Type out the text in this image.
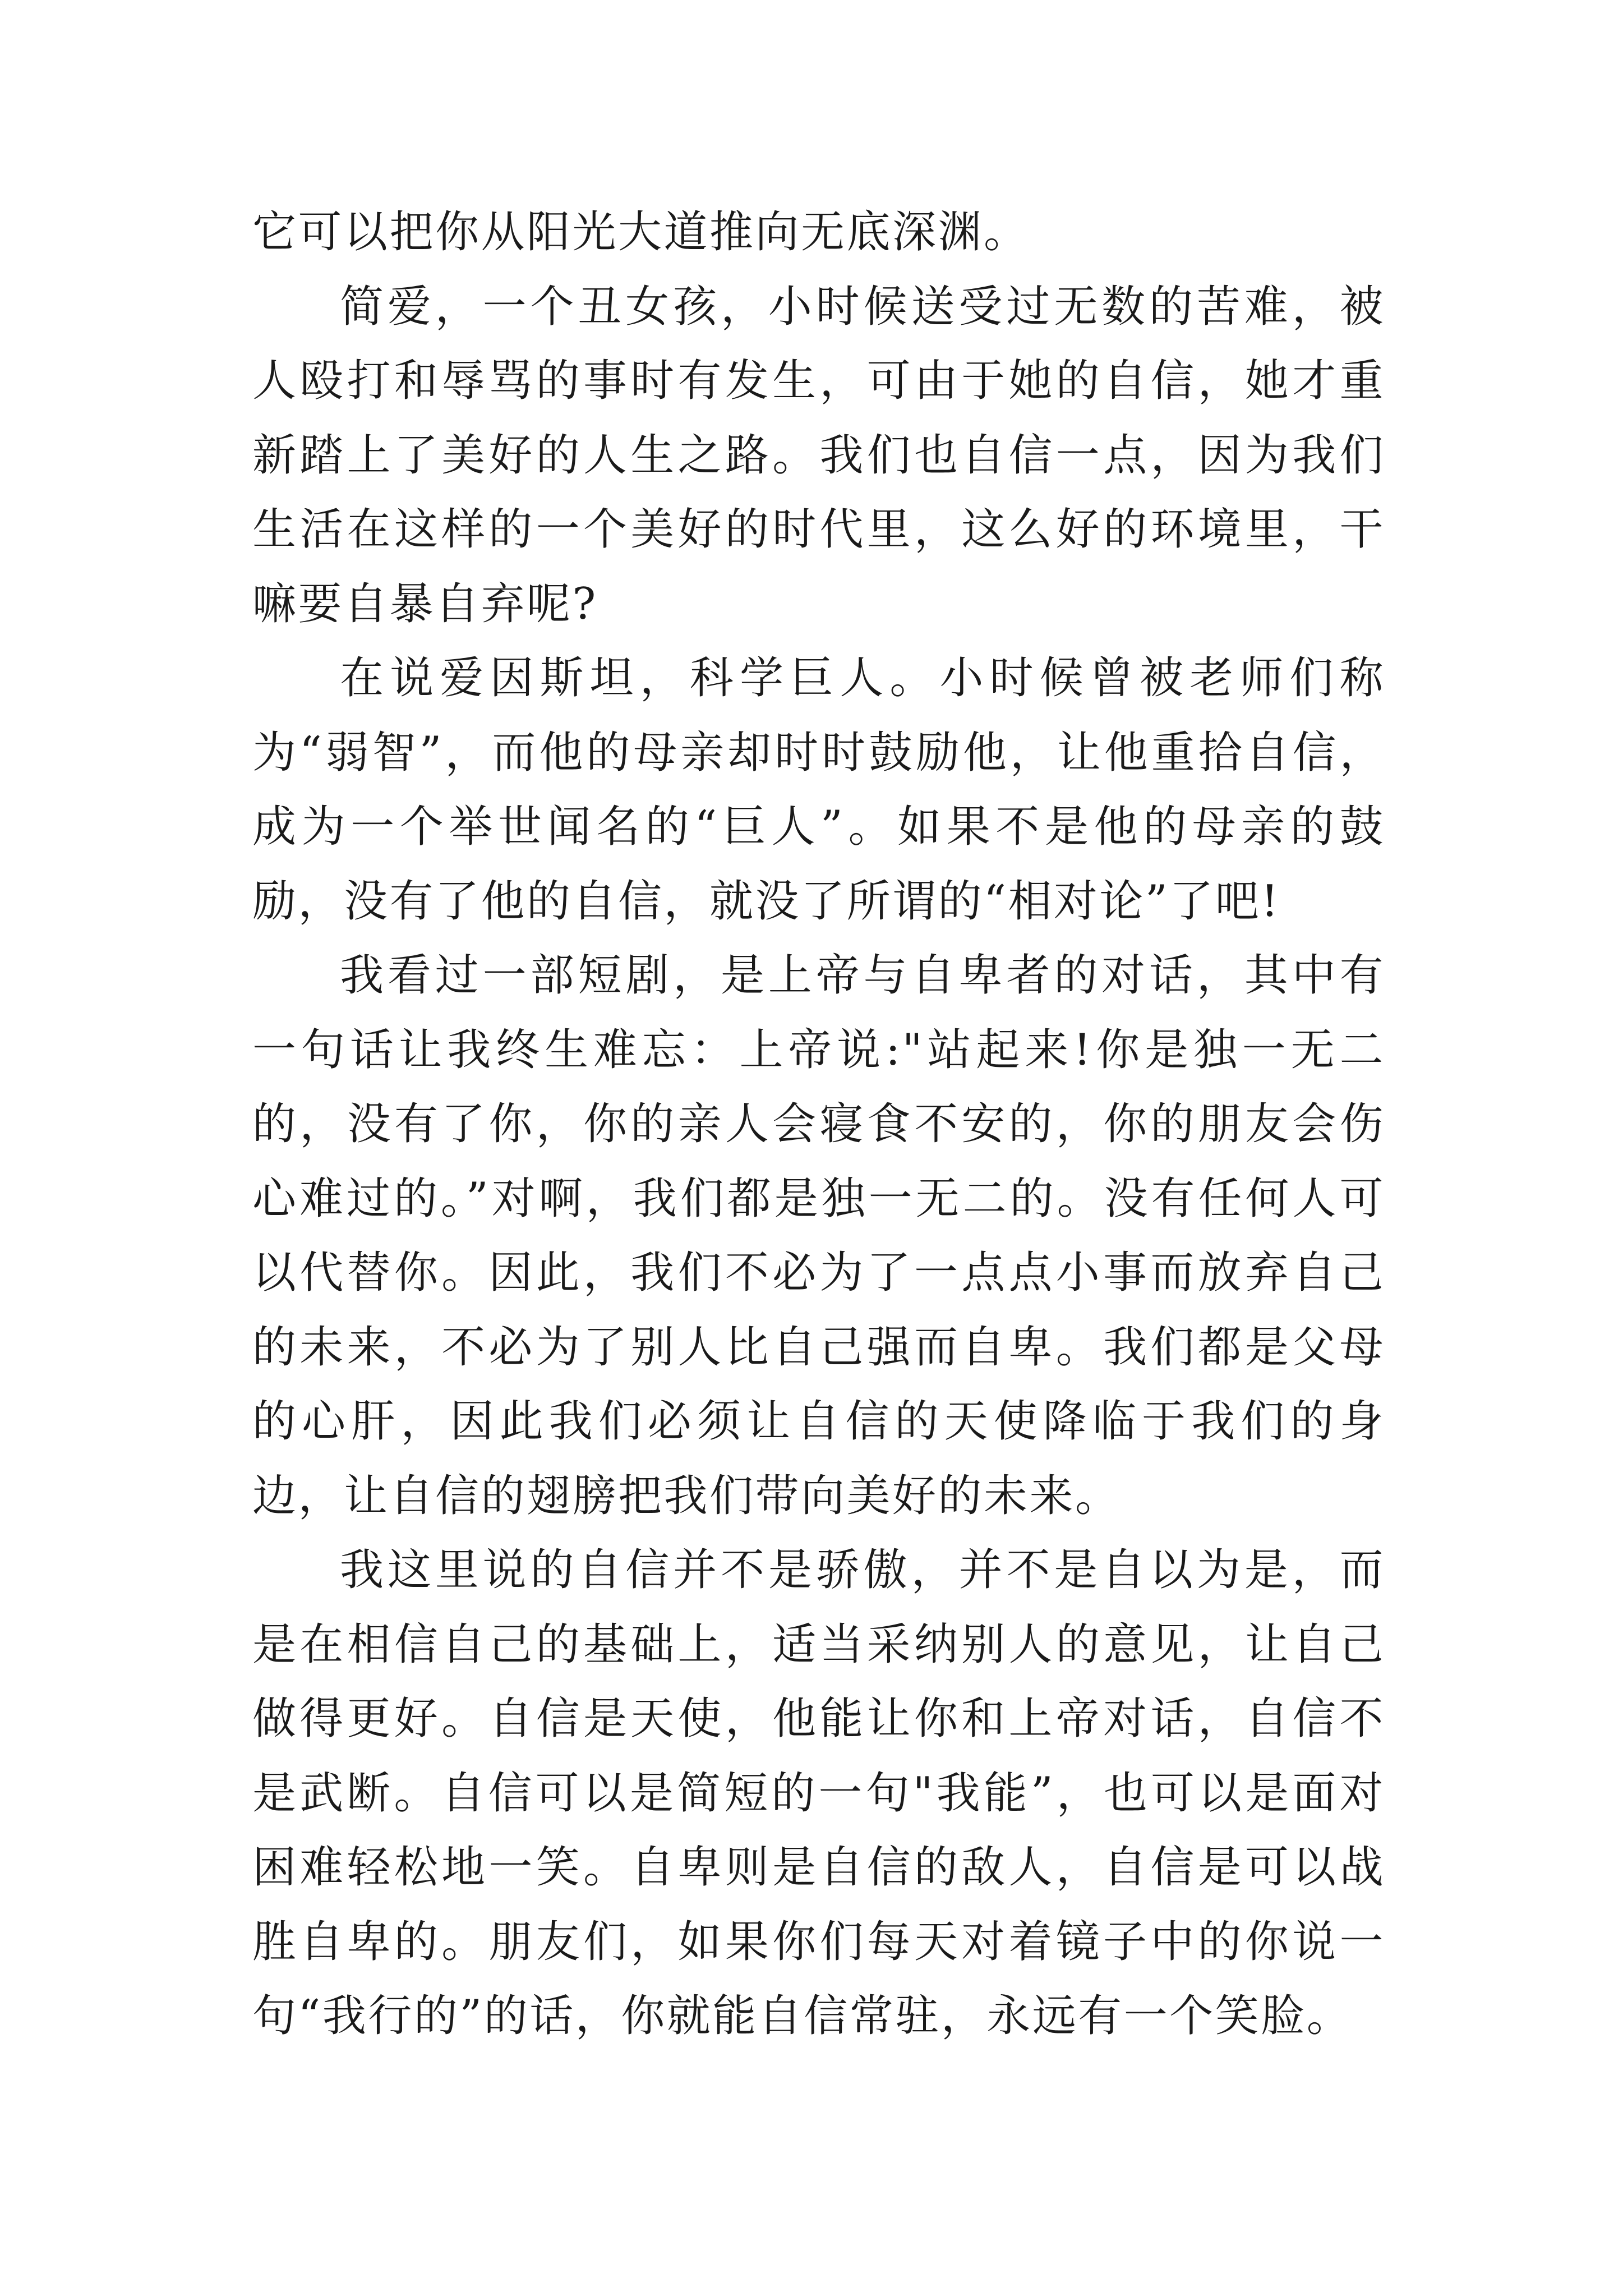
它可以把你从阳光大道推向无底深渊。

简爱，一个丑女孩，小时候送受过无数的苦难，被人殴打和辱骂的事时有发生，可由于她的自信，她才重新踏上了美好的人生之路。我们也自信一点，因为我们生活在这样的一个美好的时代里，这么好的环境里，干嘛要自暴自弃呢?

在说爱因斯坦，科学巨人。小时候曾被老师们称为“弱智”，而他的母亲却时时鼓励他，让他重拾自信，成为一个举世闻名的“巨人”。如果不是他的母亲的鼓励，没有了他的自信，就没了所谓的“相对论”了吧!

我看过一部短剧，是上帝与自卑者的对话，其中有一句话让我终生难忘：上帝说:"站起来!你是独一无二的，没有了你，你的亲人会寝食不安的，你的朋友会伤心难过的。”对啊，我们都是独一无二的。没有任何人可以代替你。因此，我们不必为了一点点小事而放弃自己的未来，不必为了别人比自己强而自卑。我们都是父母的心肝，因此我们必须让自信的天使降临于我们的身边，让自信的翅膀把我们带向美好的未来。

我这里说的自信并不是骄傲，并不是自以为是，而是在相信自己的基础上，适当采纳别人的意见，让自己做得更好。自信是天使，他能让你和上帝对话，自信不是武断。自信可以是简短的一句"我能”，也可以是面对困难轻松地一笑。自卑则是自信的敌人，自信是可以战胜自卑的。朋友们，如果你们每天对着镜子中的你说一句“我行的”的话，你就能自信常驻，永远有一个笑脸。
